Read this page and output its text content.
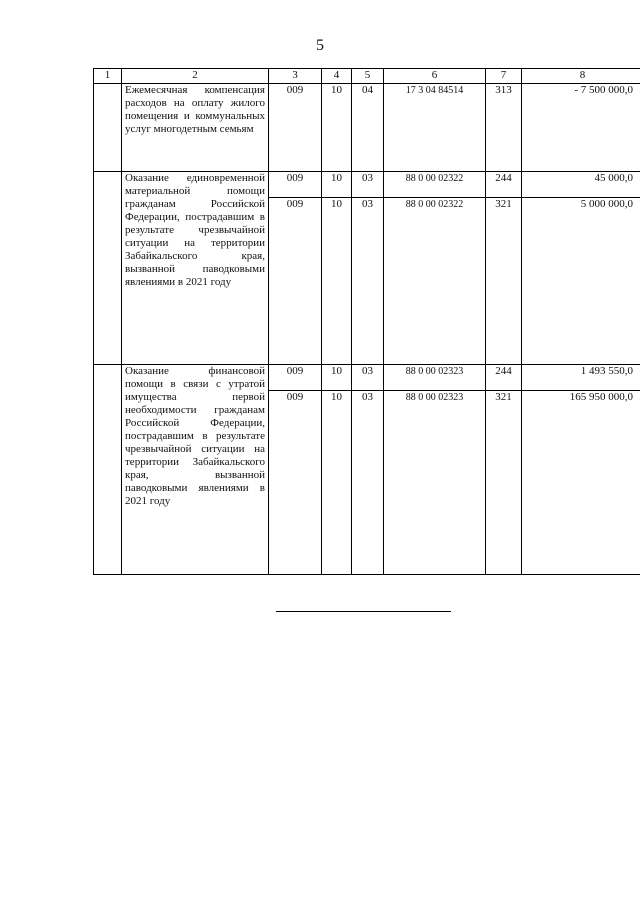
5
1	2	3	4	5	6	7	8
	Ежемесячная компенсация расходов на оплату жилого помещения и коммунальных услуг многодетным семьям	009	10	04	17 3 04 84514	313	- 7 500 000,0
	Оказание единовременной материальной помощи гражданам Российской Федерации, пострадавшим в результате чрезвычайной ситуации на территории Забайкальского края, вызванной паводковыми явлениями в 2021 году	009	10	03	88 0 00 02322	244	45 000,0
		009	10	03	88 0 00 02322	321	5 000 000,0
	Оказание финансовой помощи в связи с утратой имущества первой необходимости гражданам Российской Федерации, пострадавшим в результате чрезвычайной ситуации на территории Забайкальского края, вызванной паводковыми явлениями в 2021 году	009	10	03	88 0 00 02323	244	1 493 550,0
		009	10	03	88 0 00 02323	321	165 950 000,0
